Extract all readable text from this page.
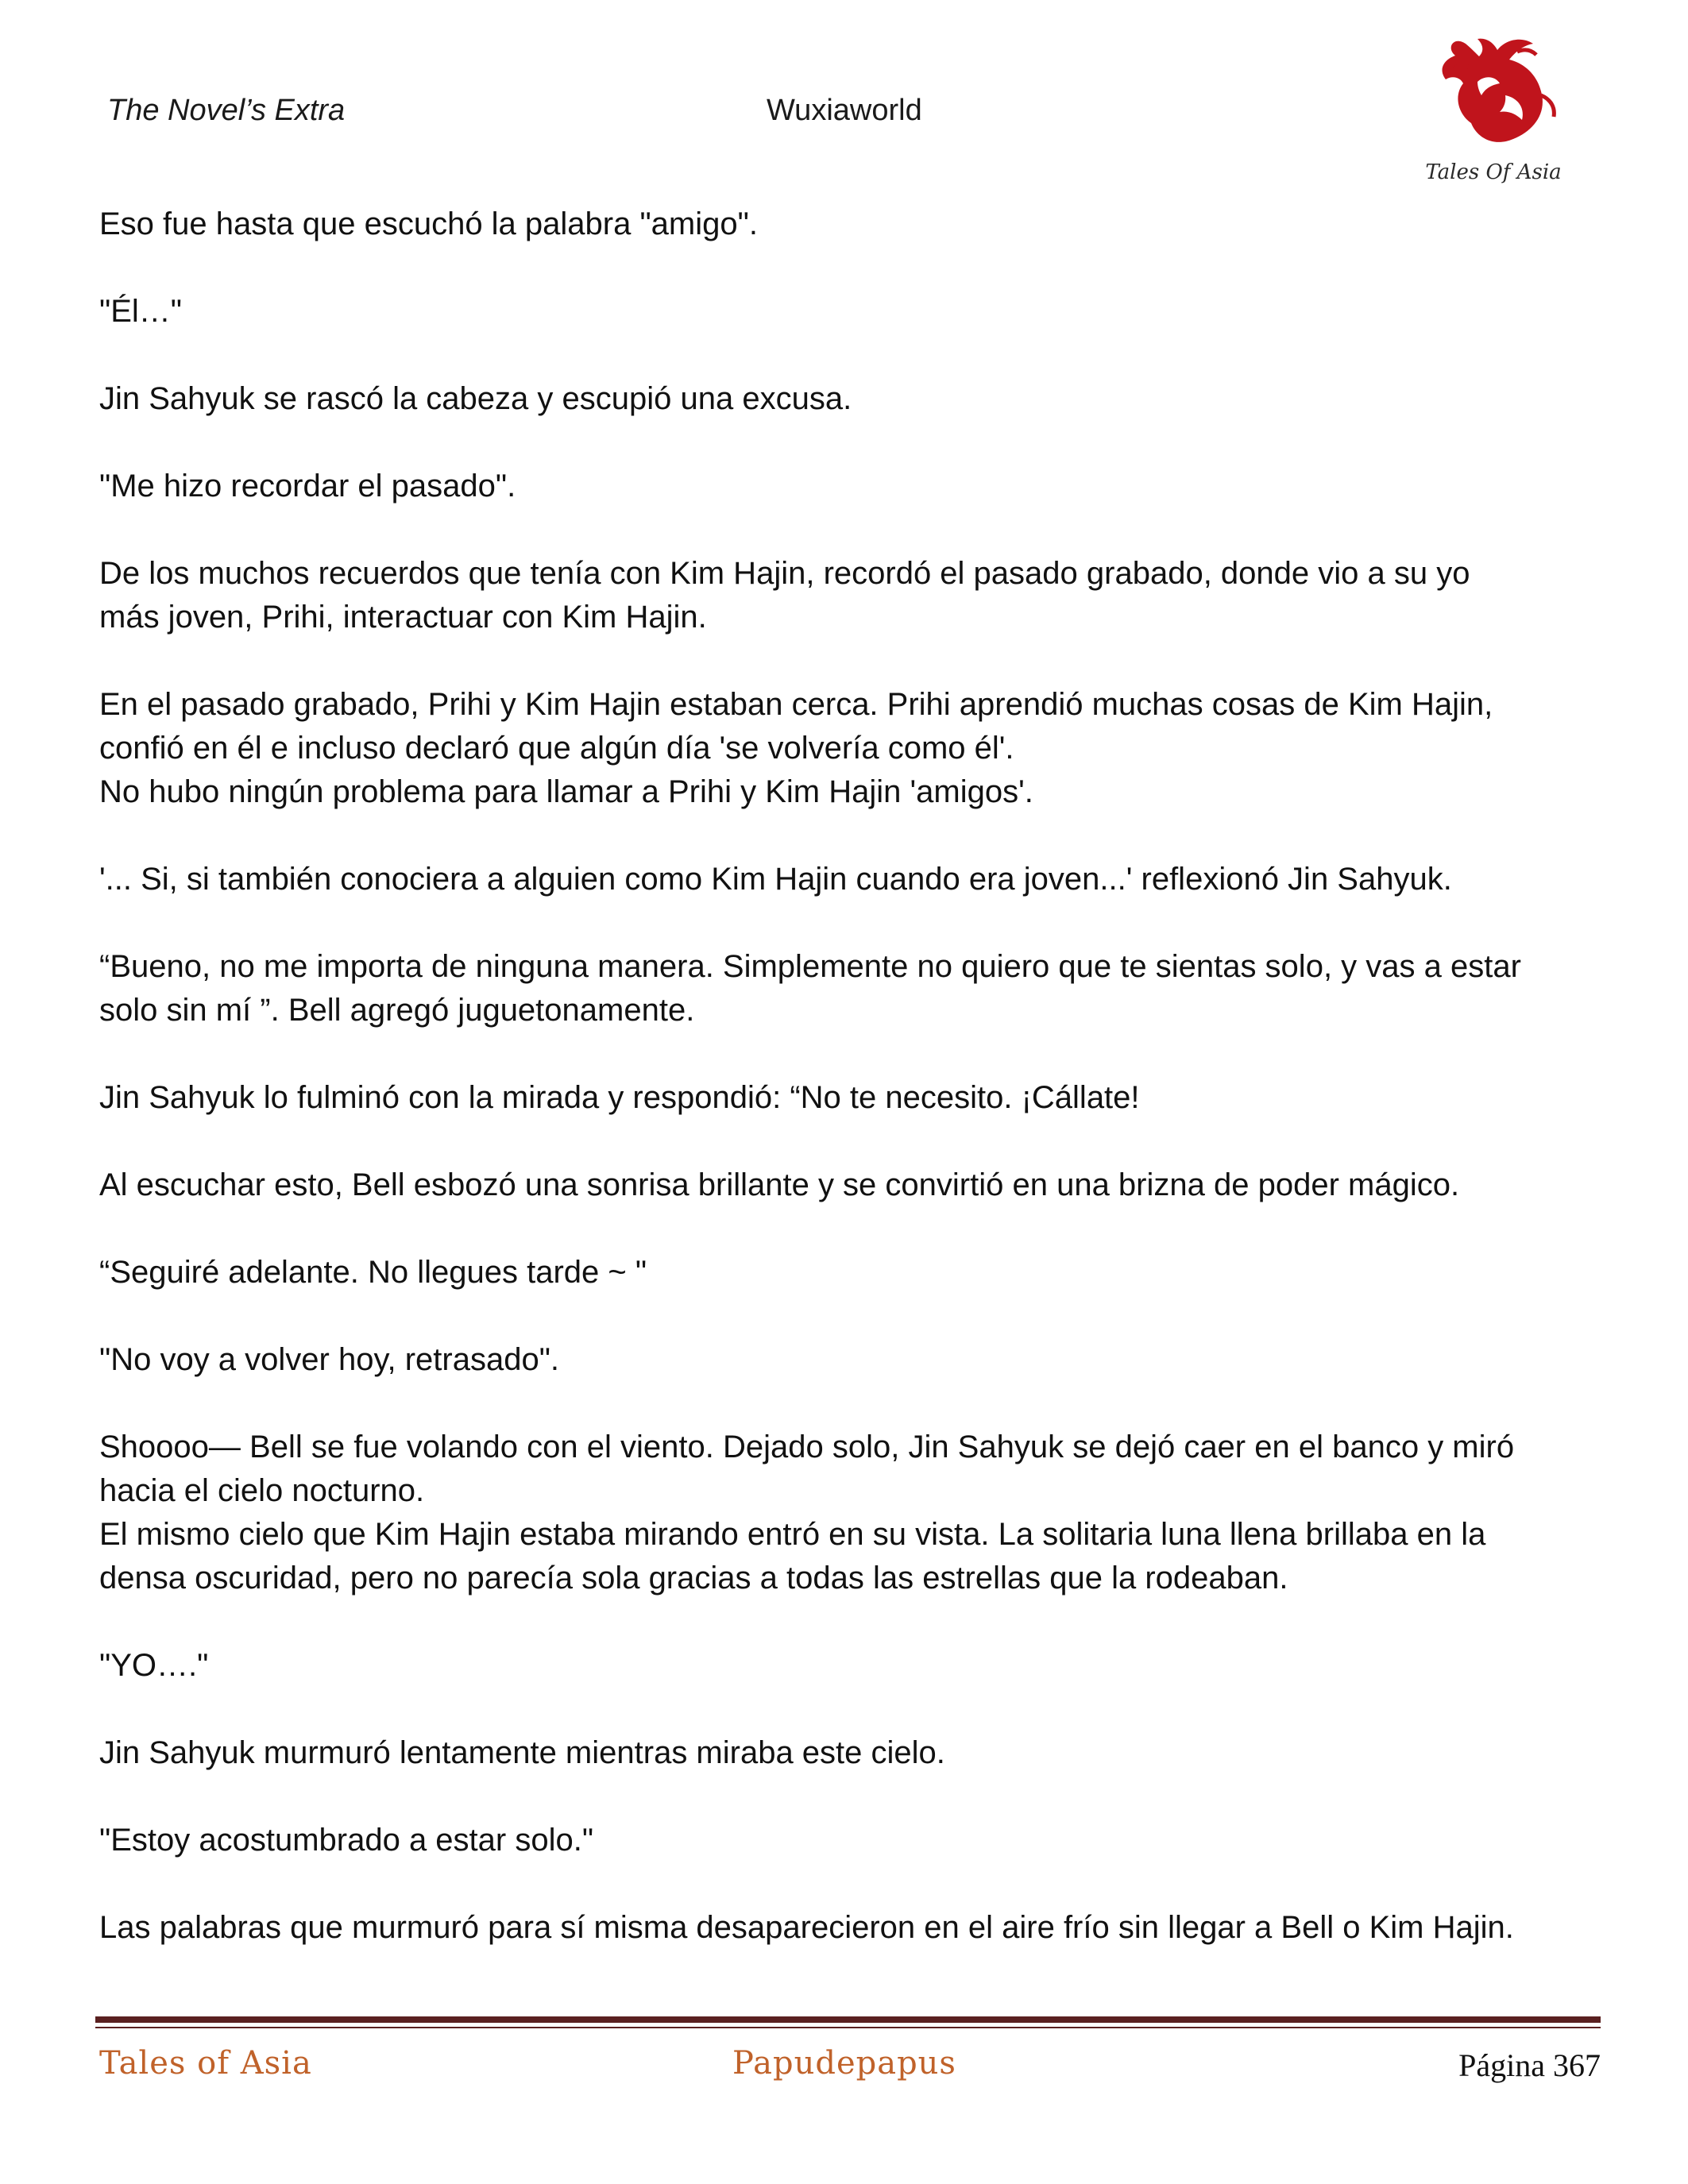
The Novel’s Extra	Wuxiaworld
Tales Of Asia

Eso fue hasta que escuchó la palabra "amigo".

"Él…"

Jin Sahyuk se rascó la cabeza y escupió una excusa.

"Me hizo recordar el pasado".

De los muchos recuerdos que tenía con Kim Hajin, recordó el pasado grabado, donde vio a su yo
más joven, Prihi, interactuar con Kim Hajin.

En el pasado grabado, Prihi y Kim Hajin estaban cerca. Prihi aprendió muchas cosas de Kim Hajin,
confió en él e incluso declaró que algún día 'se volvería como él'.
No hubo ningún problema para llamar a Prihi y Kim Hajin 'amigos'.

'... Si, si también conociera a alguien como Kim Hajin cuando era joven...' reflexionó Jin Sahyuk.

“Bueno, no me importa de ninguna manera. Simplemente no quiero que te sientas solo, y vas a estar
solo sin mí ”. Bell agregó juguetonamente.

Jin Sahyuk lo fulminó con la mirada y respondió: “No te necesito. ¡Cállate!

Al escuchar esto, Bell esbozó una sonrisa brillante y se convirtió en una brizna de poder mágico.

“Seguiré adelante. No llegues tarde ~ "

"No voy a volver hoy, retrasado".

Shoooo— Bell se fue volando con el viento. Dejado solo, Jin Sahyuk se dejó caer en el banco y miró
hacia el cielo nocturno.
El mismo cielo que Kim Hajin estaba mirando entró en su vista. La solitaria luna llena brillaba en la
densa oscuridad, pero no parecía sola gracias a todas las estrellas que la rodeaban.

"YO…."

Jin Sahyuk murmuró lentamente mientras miraba este cielo.

"Estoy acostumbrado a estar solo."

Las palabras que murmuró para sí misma desaparecieron en el aire frío sin llegar a Bell o Kim Hajin.

Tales of Asia	Papudepapus	Página 367
